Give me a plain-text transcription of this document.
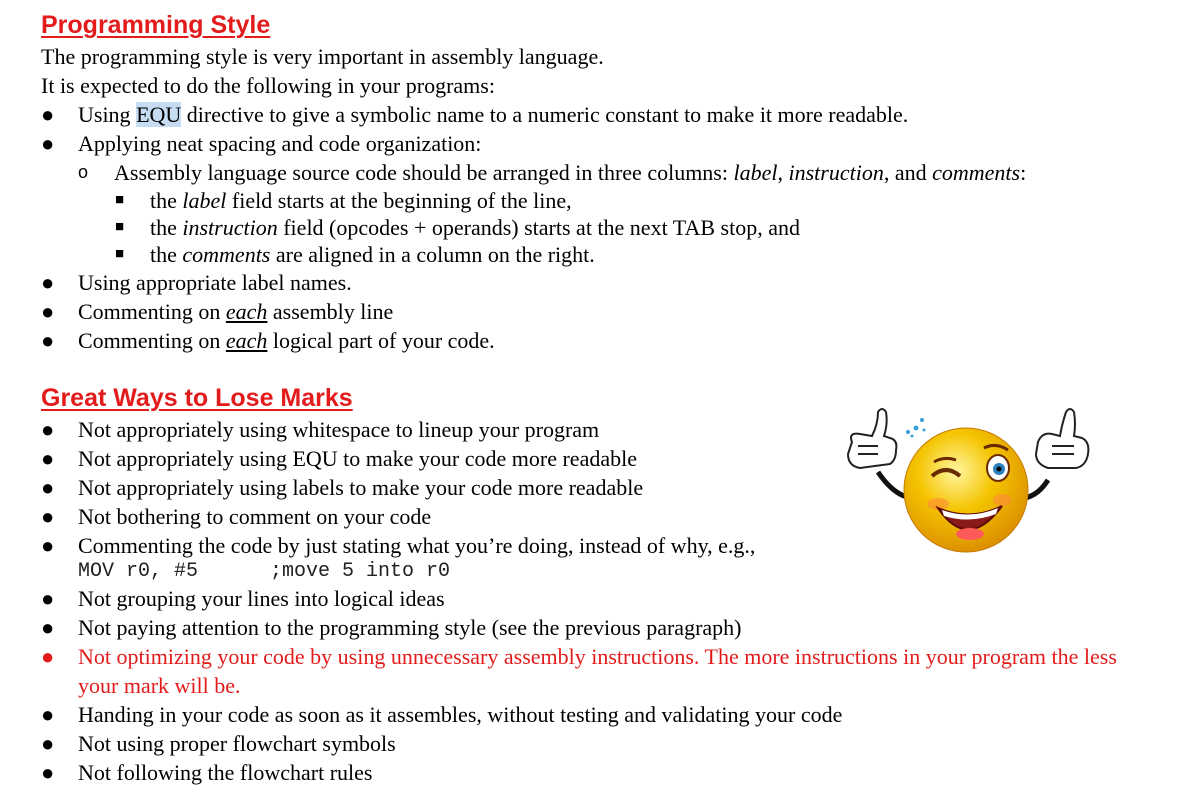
Programming Style
The programming style is very important in assembly language.
It is expected to do the following in your programs:
● Using EQU directive to give a symbolic name to a numeric constant to make it more readable.
● Applying neat spacing and code organization:
o Assembly language source code should be arranged in three columns: label, instruction, and comments:
■ the label field starts at the beginning of the line,
■ the instruction field (opcodes + operands) starts at the next TAB stop, and
■ the comments are aligned in a column on the right.
● Using appropriate label names.
● Commenting on each assembly line
● Commenting on each logical part of your code.
Great Ways to Lose Marks
● Not appropriately using whitespace to lineup your program
● Not appropriately using EQU to make your code more readable
● Not appropriately using labels to make your code more readable
● Not bothering to comment on your code
● Commenting the code by just stating what you’re doing, instead of why, e.g.,
MOV r0, #5      ;move 5 into r0
● Not grouping your lines into logical ideas
● Not paying attention to the programming style (see the previous paragraph)
● Not optimizing your code by using unnecessary assembly instructions. The more instructions in your program the less your mark will be.
● Handing in your code as soon as it assembles, without testing and validating your code
● Not using proper flowchart symbols
● Not following the flowchart rules
